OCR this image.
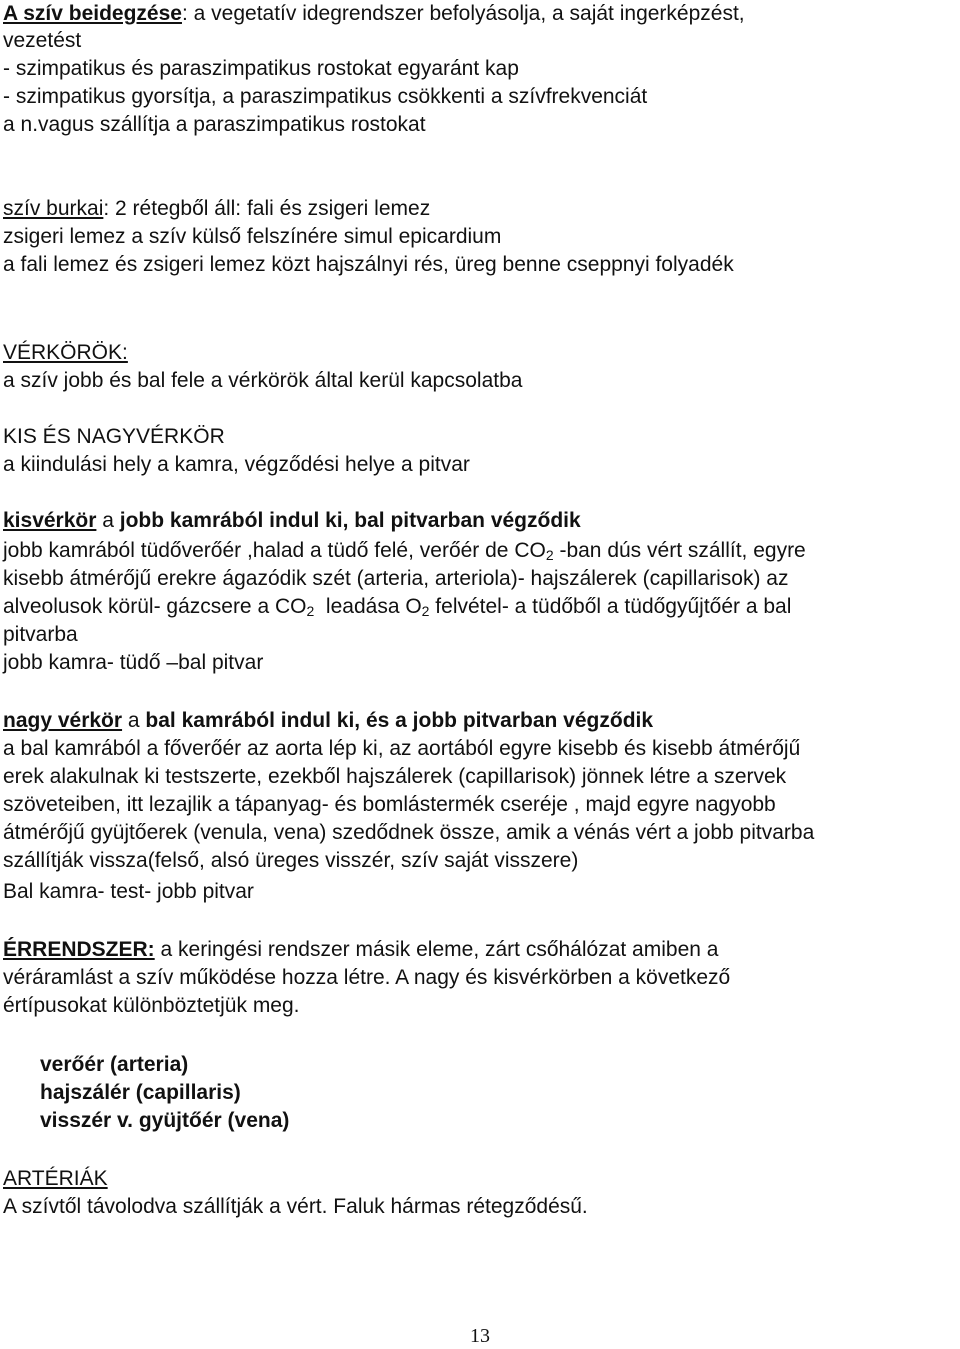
A szív beidegzése: a vegetatív idegrendszer befolyásolja, a saját ingerképzést,
vezetést
- szimpatikus és paraszimpatikus rostokat egyaránt kap
- szimpatikus gyorsítja, a paraszimpatikus csökkenti a szívfrekvenciát
a n.vagus szállítja a paraszimpatikus rostokat
szív burkai: 2 rétegből áll: fali és zsigeri lemez
zsigeri lemez a szív külső felszínére simul epicardium
a fali lemez és zsigeri lemez közt hajszálnyi rés, üreg benne cseppnyi folyadék
VÉRKÖRÖK:
a szív jobb és bal fele a vérkörök által kerül kapcsolatba
KIS ÉS NAGYVÉRKÖR
a kiindulási hely a kamra, végződési helye a pitvar
kisvérkör a jobb kamrából indul ki, bal pitvarban végződik
jobb kamrából tüdőverőér ,halad a tüdő felé, verőér de $CO_2$ -ban dús vért szállít, egyre
kisebb átmérőjű erekre ágazódik szét (arteria, arteriola)- hajszálerek (capillarisok) az
alveolusok körül- gázcsere a $CO_2$  leadása $O_2$ felvétel- a tüdőből a tüdőgyűjtőér a bal
pitvarba
jobb kamra- tüdő –bal pitvar
nagy vérkör a bal kamrából indul ki, és a jobb pitvarban végződik
a bal kamrából a főverőér az aorta lép ki, az aortából egyre kisebb és kisebb átmérőjű
erek alakulnak ki testszerte, ezekből hajszálerek (capillarisok) jönnek létre a szervek
szöveteiben, itt lezajlik a tápanyag- és bomlástermék cseréje , majd egyre nagyobb
átmérőjű gyüjtőerek (venula, vena) szedődnek össze, amik a vénás vért a jobb pitvarba
szállítják vissza(felső, alsó üreges visszér, szív saját visszere)
Bal kamra- test- jobb pitvar
ÉRRENDSZER: a keringési rendszer másik eleme, zárt csőhálózat amiben a
véráramlást a szív működése hozza létre. A nagy és kisvérkörben a következő
értípusokat különböztetjük meg.
verőér (arteria)
hajszálér (capillaris)
visszér v. gyüjtőér (vena)
ARTÉRIÁK
A szívtől távolodva szállítják a vért. Faluk hármas rétegződésű.
13
